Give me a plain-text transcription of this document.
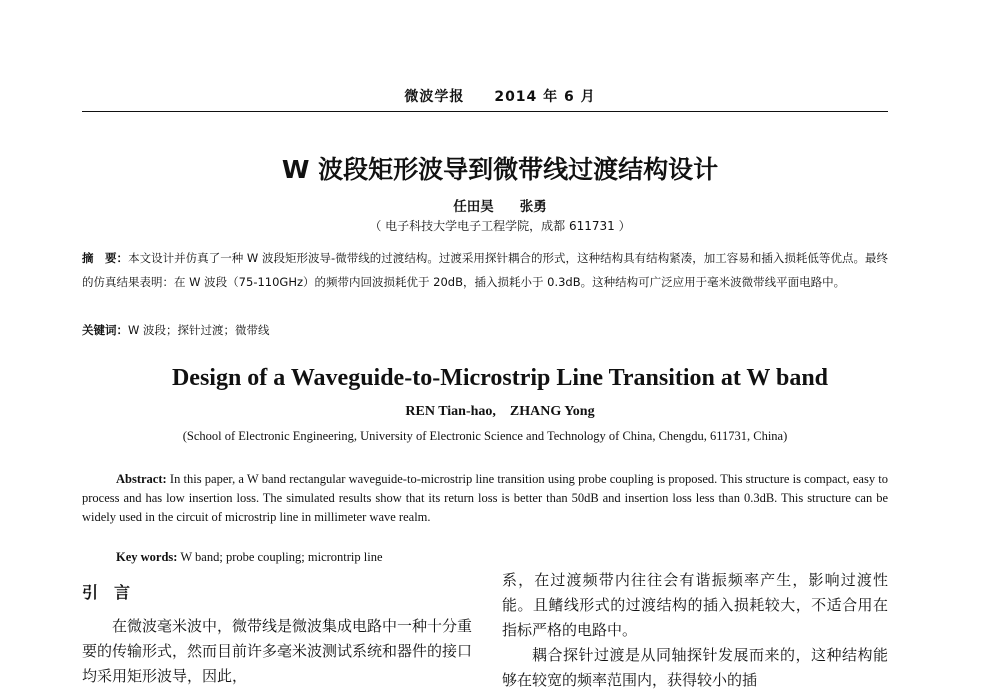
微波学报 2014 年 6 月
W 波段矩形波导到微带线过渡结构设计
任田昊 张勇
（ 电子科技大学电子工程学院，成都 611731 ）
摘　要：本文设计并仿真了一种 W 波段矩形波导-微带线的过渡结构。过渡采用探针耦合的形式，这种结构具有结构紧凑，加工容易和插入损耗低等优点。最终的仿真结果表明：在 W 波段（75-110GHz）的频带内回波损耗优于 20dB，插入损耗小于 0.3dB。这种结构可广泛应用于毫米波微带线平面电路中。
关键词：W 波段；探针过渡；微带线
Design of a Waveguide-to-Microstrip Line Transition at W band
REN Tian-hao, ZHANG Yong
(School of Electronic Engineering, University of Electronic Science and Technology of China, Chengdu, 611731, China)
Abstract: In this paper, a W band rectangular waveguide-to-microstrip line transition using probe coupling is proposed. This structure is compact, easy to process and has low insertion loss. The simulated results show that its return loss is better than 50dB and insertion loss less than 0.3dB. This structure can be widely used in the circuit of microstrip line in millimeter wave realm.
Key words: W band; probe coupling; microntrip line
引言

在微波毫米波中，微带线是微波集成电路中一种十分重要的传输形式，然而目前许多毫米波测试系统和器件的接口均采用矩形波导，因此，

系，在过渡频带内往往会有谐振频率产生，影响过渡性能。且鳍线形式的过渡结构的插入损耗较大，不适合用在指标严格的电路中。

耦合探针过渡是从同轴探针发展而来的，这种结构能够在较宽的频率范围内，获得较小的插
